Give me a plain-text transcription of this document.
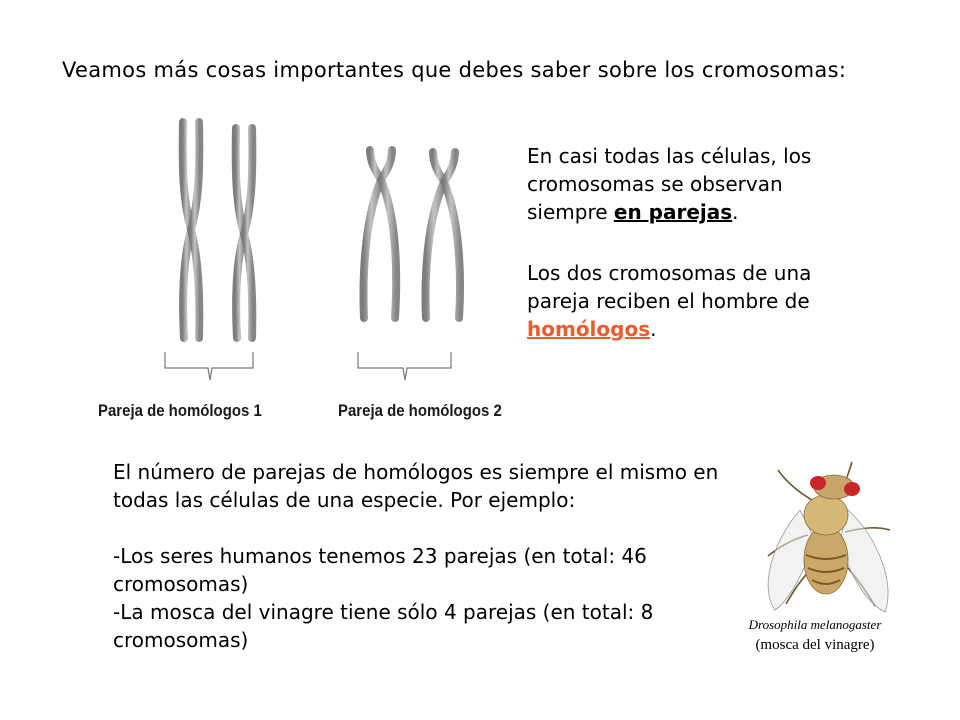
Veamos más cosas importantes que debes saber sobre los cromosomas:
Pareja de homólogos 1	Pareja de homólogos 2
En casi todas las células, los cromosomas se observan siempre en parejas.
Los dos cromosomas de una pareja reciben el hombre de homólogos.
El número de parejas de homólogos es siempre el mismo en todas las células de una especie. Por ejemplo:
-Los seres humanos tenemos 23 parejas (en total: 46 cromosomas)
-La mosca del vinagre tiene sólo 4 parejas (en total: 8 cromosomas)
Drosophila melanogaster
(mosca del vinagre)
